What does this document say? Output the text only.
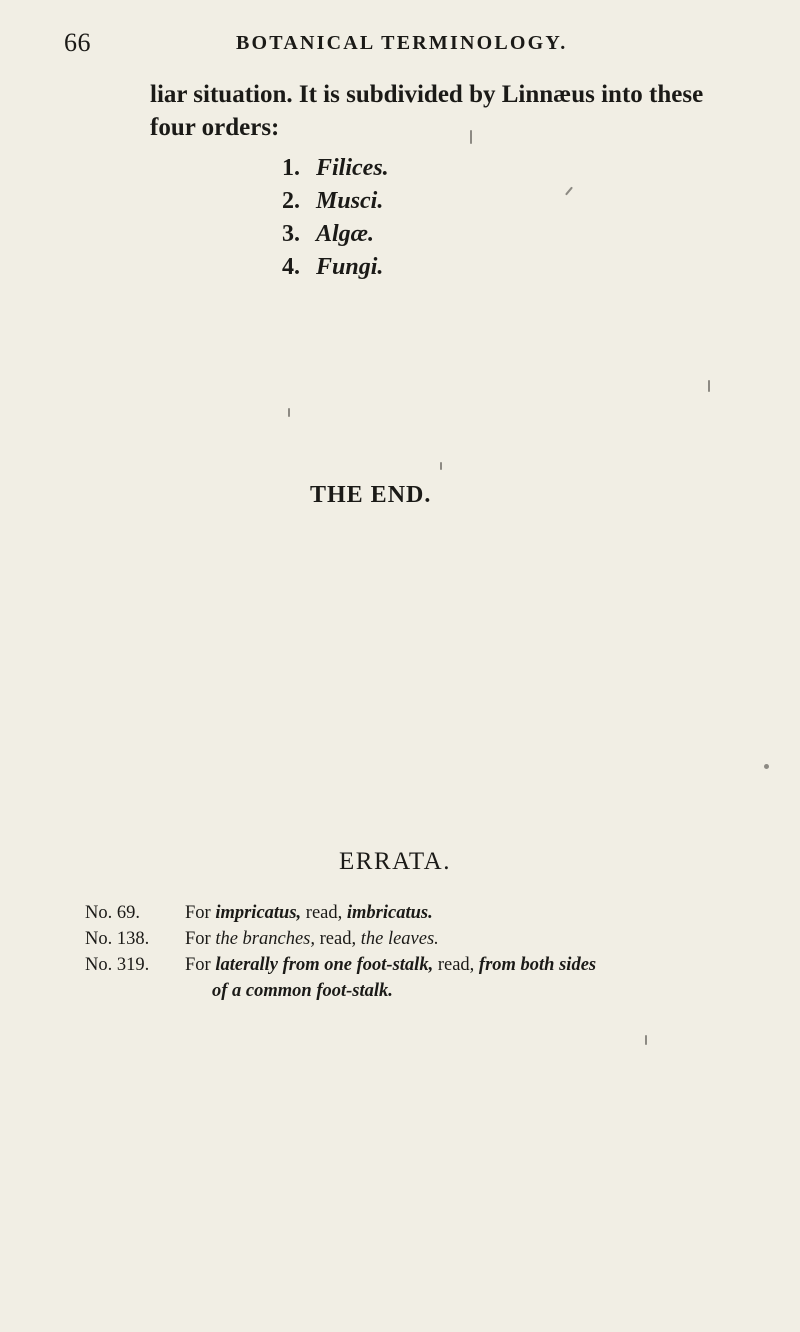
66	BOTANICAL TERMINOLOGY.
liar situation. It is subdivided by Linnæus into these four orders:
1. Filices.
2. Musci.
3. Algæ.
4. Fungi.
THE END.
ERRATA.
No. 69. For impricatus, read, imbricatus.
No. 138. For the branches, read, the leaves.
No. 319. For laterally from one foot-stalk, read, from both sides
of a common foot-stalk.
